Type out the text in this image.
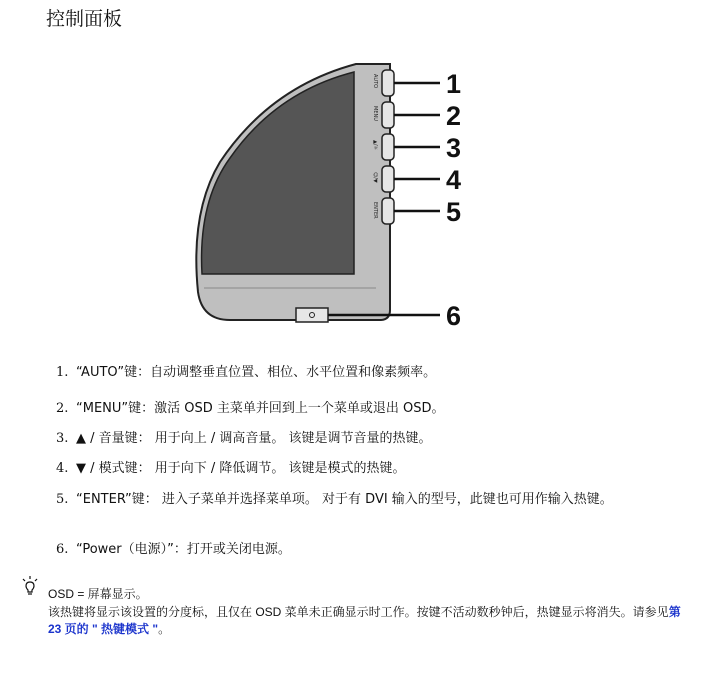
控制面板
AUTO
MENU
▲/☼
☺/▼
ENTER
1
2
3
4
5
6
1. “AUTO”键：自动调整垂直位置、相位、水平位置和像素频率。
2. “MENU”键：激活 OSD 主菜单并回到上一个菜单或退出 OSD。
3. ▲ / 音量键： 用于向上 / 调高音量。 该键是调节音量的热键。
4. ▼ / 模式键： 用于向下 / 降低调节。 该键是模式的热键。
5. “ENTER”键： 进入子菜单并选择菜单项。 对于有 DVI 输入的型号，此键也可用作输入热键。
6. “Power（电源）”：打开或关闭电源。
OSD = 屏幕显示。
该热键将显示该设置的分度标，且仅在 OSD 菜单未正确显示时工作。按键不活动数秒钟后，热键显示将消失。请参见第 23 页的 " 热键模式 "。
